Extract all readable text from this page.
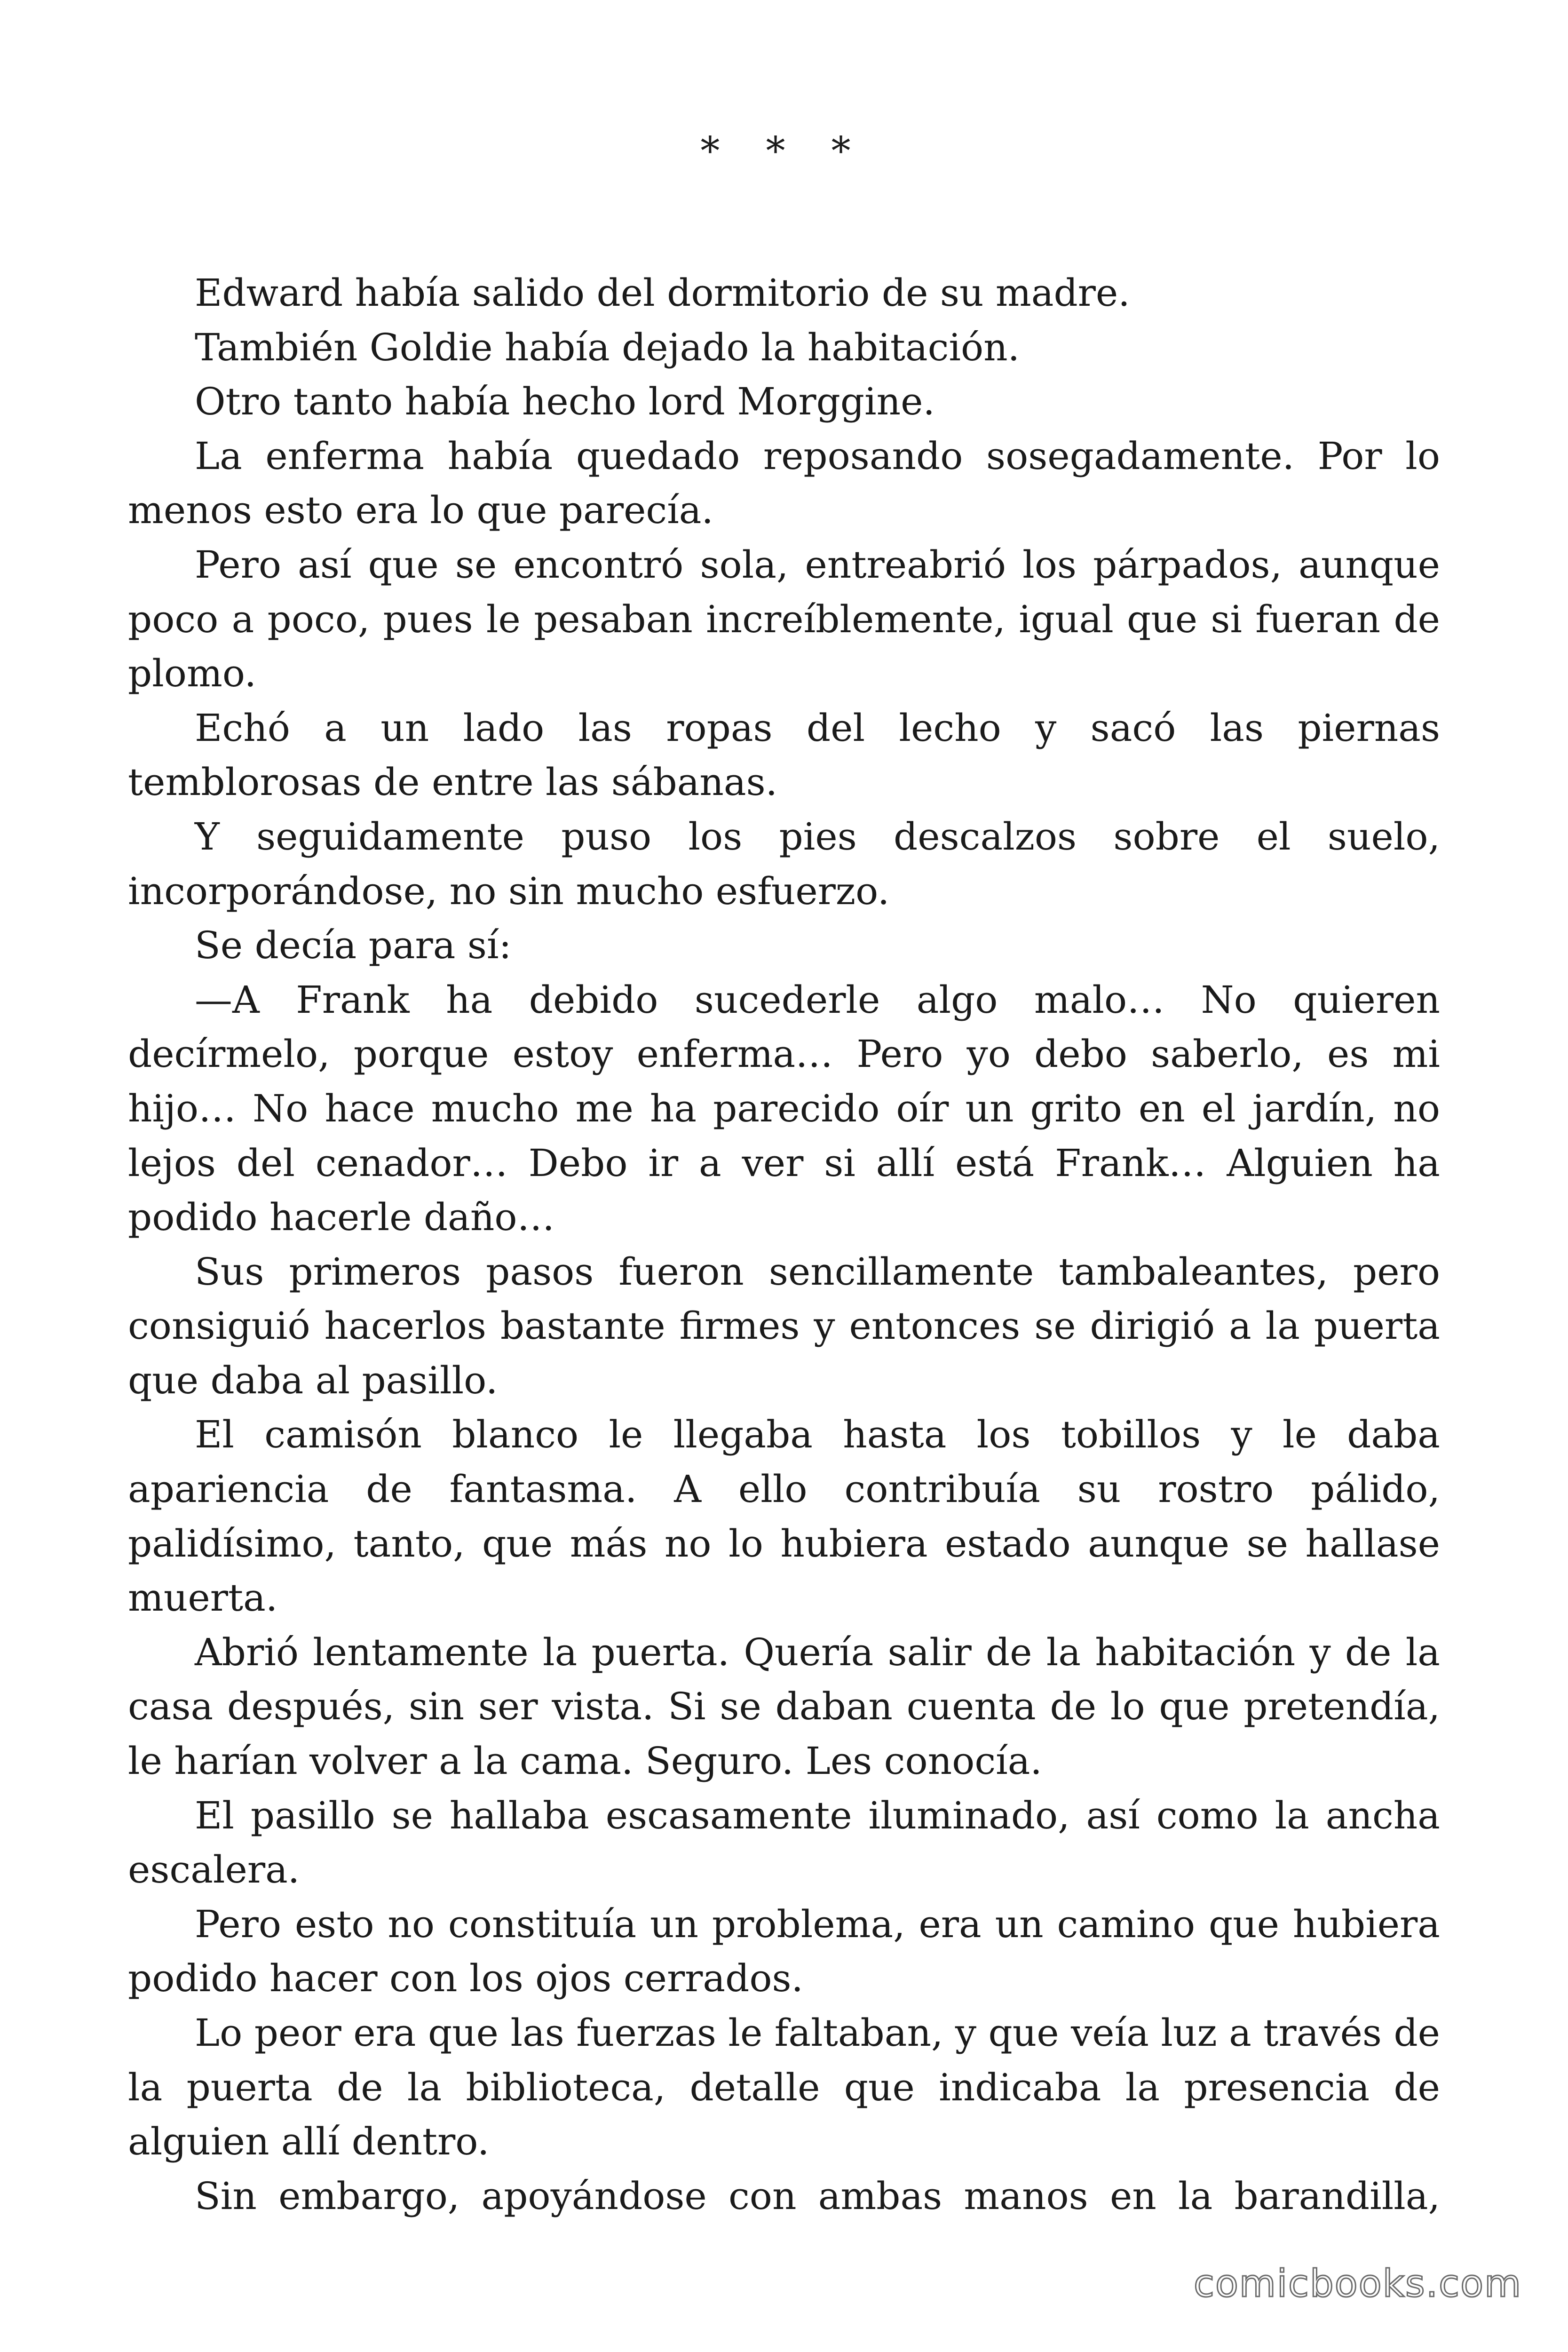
* * *

Edward había salido del dormitorio de su madre.

También Goldie había dejado la habitación.

Otro tanto había hecho lord Morggine.

La enferma había quedado reposando sosegadamente. Por lo menos esto era lo que parecía.

Pero así que se encontró sola, entreabrió los párpados, aunque poco a poco, pues le pesaban increíblemente, igual que si fueran de plomo.

Echó a un lado las ropas del lecho y sacó las piernas temblorosas de entre las sábanas.

Y seguidamente puso los pies descalzos sobre el suelo, incorporándose, no sin mucho esfuerzo.

Se decía para sí:

—A Frank ha debido sucederle algo malo… No quieren decírmelo, porque estoy enferma… Pero yo debo saberlo, es mi hijo… No hace mucho me ha parecido oír un grito en el jardín, no lejos del cenador… Debo ir a ver si allí está Frank… Alguien ha podido hacerle daño…

Sus primeros pasos fueron sencillamente tambaleantes, pero consiguió hacerlos bastante firmes y entonces se dirigió a la puerta que daba al pasillo.

El camisón blanco le llegaba hasta los tobillos y le daba apariencia de fantasma. A ello contribuía su rostro pálido, palidísimo, tanto, que más no lo hubiera estado aunque se hallase muerta.

Abrió lentamente la puerta. Quería salir de la habitación y de la casa después, sin ser vista. Si se daban cuenta de lo que pretendía, le harían volver a la cama. Seguro. Les conocía.

El pasillo se hallaba escasamente iluminado, así como la ancha escalera.

Pero esto no constituía un problema, era un camino que hubiera podido hacer con los ojos cerrados.

Lo peor era que las fuerzas le faltaban, y que veía luz a través de la puerta de la biblioteca, detalle que indicaba la presencia de alguien allí dentro.

Sin embargo, apoyándose con ambas manos en la barandilla,

comicbooks.com
